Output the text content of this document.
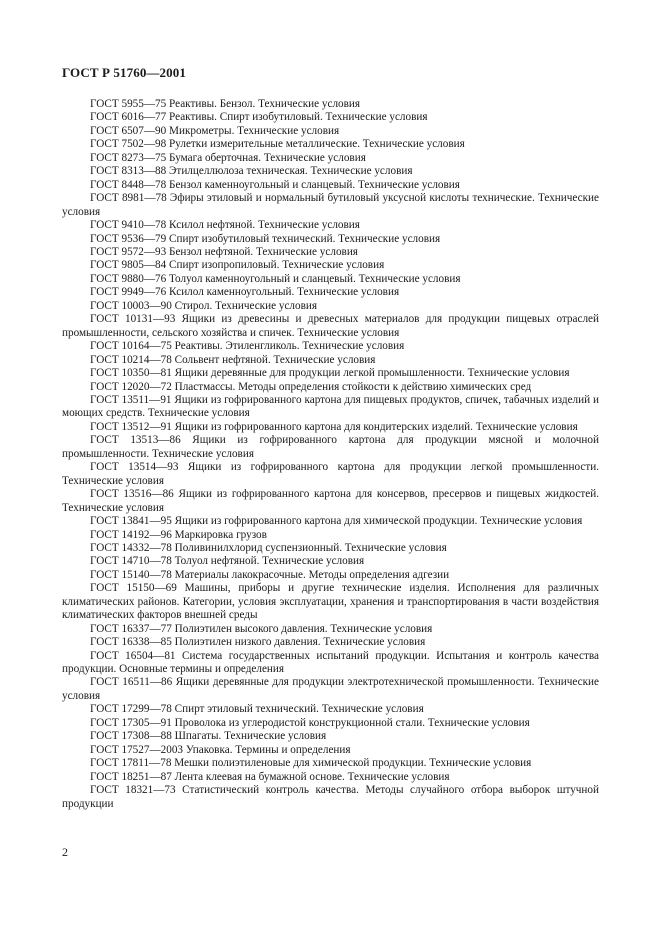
ГОСТ Р 51760—2001

ГОСТ 5955—75 Реактивы. Бензол. Технические условия

ГОСТ 6016—77 Реактивы. Спирт изобутиловый. Технические условия

ГОСТ 6507—90 Микрометры. Технические условия

ГОСТ 7502—98 Рулетки измерительные металлические. Технические условия

ГОСТ 8273—75 Бумага оберточная. Технические условия

ГОСТ 8313—88 Этилцеллюлоза техническая. Технические условия

ГОСТ 8448—78 Бензол каменноугольный и сланцевый. Технические условия

ГОСТ 8981—78 Эфиры этиловый и нормальный бутиловый уксусной кислоты технические. Технические условия

ГОСТ 9410—78 Ксилол нефтяной. Технические условия

ГОСТ 9536—79 Спирт изобутиловый технический. Технические условия

ГОСТ 9572—93 Бензол нефтяной. Технические условия

ГОСТ 9805—84 Спирт изопропиловый. Технические условия

ГОСТ 9880—76 Толуол каменноугольный и сланцевый. Технические условия

ГОСТ 9949—76 Ксилол каменноугольный. Технические условия

ГОСТ 10003—90 Стирол. Технические условия

ГОСТ 10131—93 Ящики из древесины и древесных материалов для продукции пищевых отраслей промышленности, сельского хозяйства и спичек. Технические условия

ГОСТ 10164—75 Реактивы. Этиленгликоль. Технические условия

ГОСТ 10214—78 Сольвент нефтяной. Технические условия

ГОСТ 10350—81 Ящики деревянные для продукции легкой промышленности. Технические условия

ГОСТ 12020—72 Пластмассы. Методы определения стойкости к действию химических сред

ГОСТ 13511—91 Ящики из гофрированного картона для пищевых продуктов, спичек, табачных изделий и моющих средств. Технические условия

ГОСТ 13512—91 Ящики из гофрированного картона для кондитерских изделий. Технические условия

ГОСТ 13513—86 Ящики из гофрированного картона для продукции мясной и молочной промышленности. Технические условия

ГОСТ 13514—93 Ящики из гофрированного картона для продукции легкой промышленности. Технические условия

ГОСТ 13516—86 Ящики из гофрированного картона для консервов, пресервов и пищевых жидкостей. Технические условия

ГОСТ 13841—95 Ящики из гофрированного картона для химической продукции. Технические условия

ГОСТ 14192—96 Маркировка грузов

ГОСТ 14332—78 Поливинилхлорид суспензионный. Технические условия

ГОСТ 14710—78 Толуол нефтяной. Технические условия

ГОСТ 15140—78 Материалы лакокрасочные. Методы определения адгезии

ГОСТ 15150—69 Машины, приборы и другие технические изделия. Исполнения для различных климатических районов. Категории, условия эксплуатации, хранения и транспортирования в части воздействия климатических факторов внешней среды

ГОСТ 16337—77 Полиэтилен высокого давления. Технические условия

ГОСТ 16338—85 Полиэтилен низкого давления. Технические условия

ГОСТ 16504—81 Система государственных испытаний продукции. Испытания и контроль качества продукции. Основные термины и определения

ГОСТ 16511—86 Ящики деревянные для продукции электротехнической промышленности. Технические условия

ГОСТ 17299—78 Спирт этиловый технический. Технические условия

ГОСТ 17305—91 Проволока из углеродистой конструкционной стали. Технические условия

ГОСТ 17308—88 Шпагаты. Технические условия

ГОСТ 17527—2003 Упаковка. Термины и определения

ГОСТ 17811—78 Мешки полиэтиленовые для химической продукции. Технические условия

ГОСТ 18251—87 Лента клеевая на бумажной основе. Технические условия

ГОСТ 18321—73 Статистический контроль качества. Методы случайного отбора выборок штучной продукции

2
